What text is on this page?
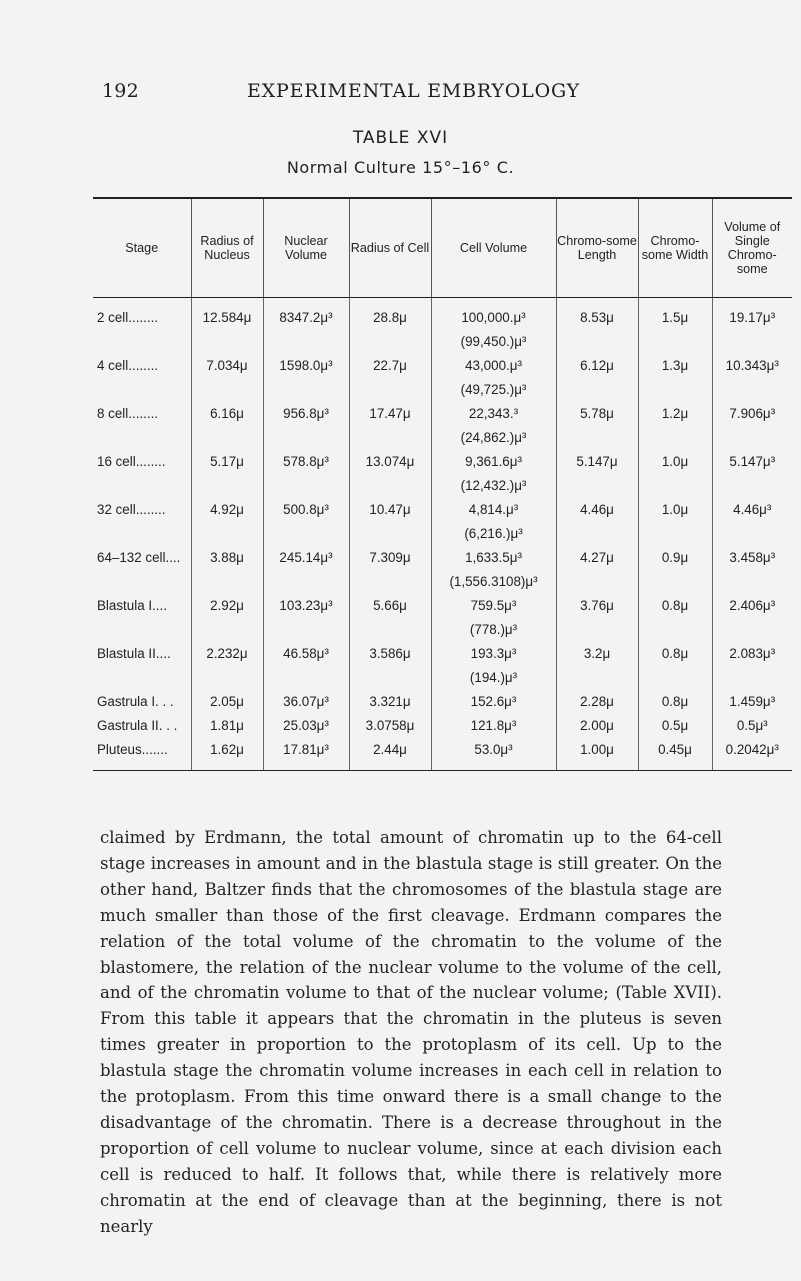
192	EXPERIMENTAL EMBRYOLOGY
TABLE XVI
Normal Culture 15°–16° C.
Stage	Radius of Nucleus	Nuclear Volume	Radius of Cell	Cell Volume	Chromo-some Length	Chromo-some Width	Volume of Single Chromo-some
2 cell........	12.584μ	8347.2μ³	28.8μ	100,000.μ³	8.53μ	1.5μ	19.17μ³
				(99,450.)μ³			
4 cell........	7.034μ	1598.0μ³	22.7μ	43,000.μ³	6.12μ	1.3μ	10.343μ³
				(49,725.)μ³			
8 cell........	6.16μ	956.8μ³	17.47μ	22,343.³	5.78μ	1.2μ	7.906μ³
				(24,862.)μ³			
16 cell........	5.17μ	578.8μ³	13.074μ	9,361.6μ³	5.147μ	1.0μ	5.147μ³
				(12,432.)μ³			
32 cell........	4.92μ	500.8μ³	10.47μ	4,814.μ³	4.46μ	1.0μ	4.46μ³
				(6,216.)μ³			
64–132 cell....	3.88μ	245.14μ³	7.309μ	1,633.5μ³	4.27μ	0.9μ	3.458μ³
				(1,556.3108)μ³			
Blastula I....	2.92μ	103.23μ³	5.66μ	759.5μ³	3.76μ	0.8μ	2.406μ³
				(778.)μ³			
Blastula II....	2.232μ	46.58μ³	3.586μ	193.3μ³	3.2μ	0.8μ	2.083μ³
				(194.)μ³			
Gastrula I. . .	2.05μ	36.07μ³	3.321μ	152.6μ³	2.28μ	0.8μ	1.459μ³
Gastrula II. . .	1.81μ	25.03μ³	3.0758μ	121.8μ³	2.00μ	0.5μ	0.5μ³
Pluteus.......	1.62μ	17.81μ³	2.44μ	53.0μ³	1.00μ	0.45μ	0.2042μ³

claimed by Erdmann, the total amount of chromatin up to the 64-cell stage increases in amount and in the blastula stage is still greater. On the other hand, Baltzer finds that the chromosomes of the blastula stage are much smaller than those of the first cleavage. Erdmann compares the relation of the total volume of the chromatin to the volume of the blastomere, the relation of the nuclear volume to the volume of the cell, and of the chromatin volume to that of the nuclear volume; (Table XVII). From this table it appears that the chromatin in the pluteus is seven times greater in proportion to the protoplasm of its cell. Up to the blastula stage the chromatin volume increases in each cell in relation to the protoplasm. From this time onward there is a small change to the disadvantage of the chromatin. There is a decrease throughout in the proportion of cell volume to nuclear volume, since at each division each cell is reduced to half. It follows that, while there is relatively more chromatin at the end of cleavage than at the beginning, there is not nearly
